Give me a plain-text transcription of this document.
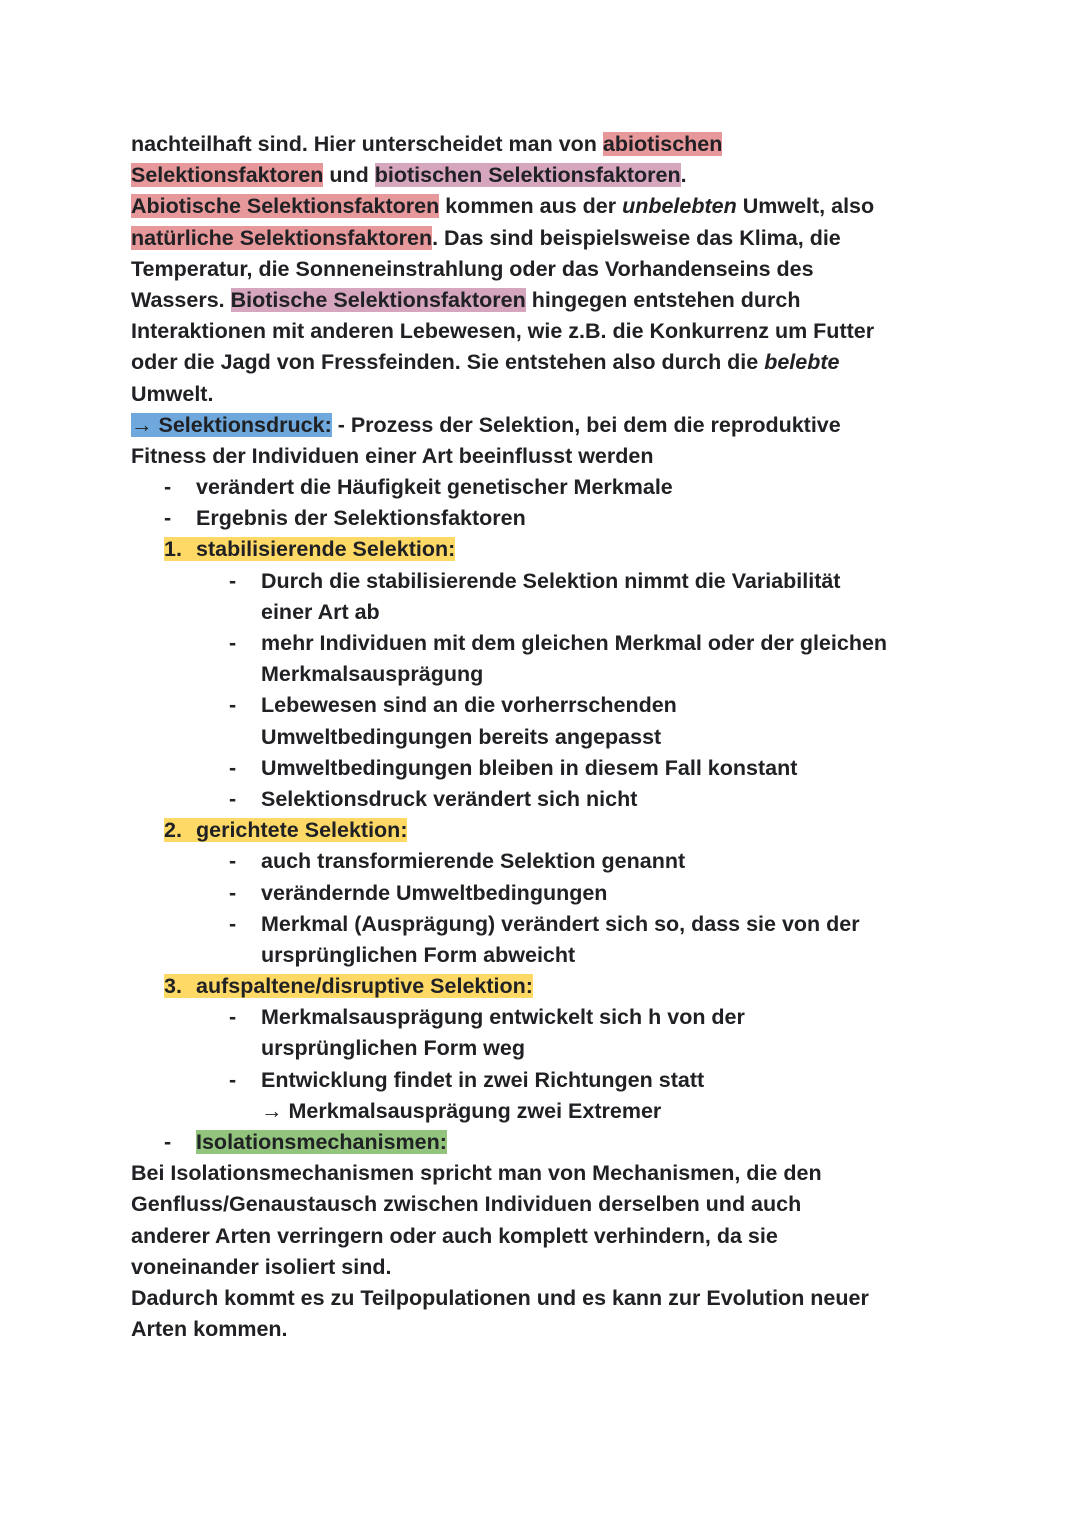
nachteilhaft sind. Hier unterscheidet man von abiotischen
Selektionsfaktoren und biotischen Selektionsfaktoren.
Abiotische Selektionsfaktoren kommen aus der unbelebten Umwelt, also
natürliche Selektionsfaktoren. Das sind beispielsweise das Klima, die
Temperatur, die Sonneneinstrahlung oder das Vorhandenseins des
Wassers. Biotische Selektionsfaktoren hingegen entstehen durch
Interaktionen mit anderen Lebewesen, wie z.B. die Konkurrenz um Futter
oder die Jagd von Fressfeinden. Sie entstehen also durch die belebte
Umwelt.
→ Selektionsdruck: - Prozess der Selektion, bei dem die reproduktive
Fitness der Individuen einer Art beeinflusst werden
- verändert die Häufigkeit genetischer Merkmale
- Ergebnis der Selektionsfaktoren
1. stabilisierende Selektion:
- Durch die stabilisierende Selektion nimmt die Variabilität
einer Art ab
- mehr Individuen mit dem gleichen Merkmal oder der gleichen
Merkmalsausprägung
- Lebewesen sind an die vorherrschenden
Umweltbedingungen bereits angepasst
- Umweltbedingungen bleiben in diesem Fall konstant
- Selektionsdruck verändert sich nicht
2. gerichtete Selektion:
- auch transformierende Selektion genannt
- verändernde Umweltbedingungen
- Merkmal (Ausprägung) verändert sich so, dass sie von der
ursprünglichen Form abweicht
3. aufspaltene/disruptive Selektion:
- Merkmalsausprägung entwickelt sich h von der
ursprünglichen Form weg
- Entwicklung findet in zwei Richtungen statt
→ Merkmalsausprägung zwei Extremer
- Isolationsmechanismen:
Bei Isolationsmechanismen spricht man von Mechanismen, die den
Genfluss/Genaustausch zwischen Individuen derselben und auch
anderer Arten verringern oder auch komplett verhindern, da sie
voneinander isoliert sind.
Dadurch kommt es zu Teilpopulationen und es kann zur Evolution neuer
Arten kommen.
